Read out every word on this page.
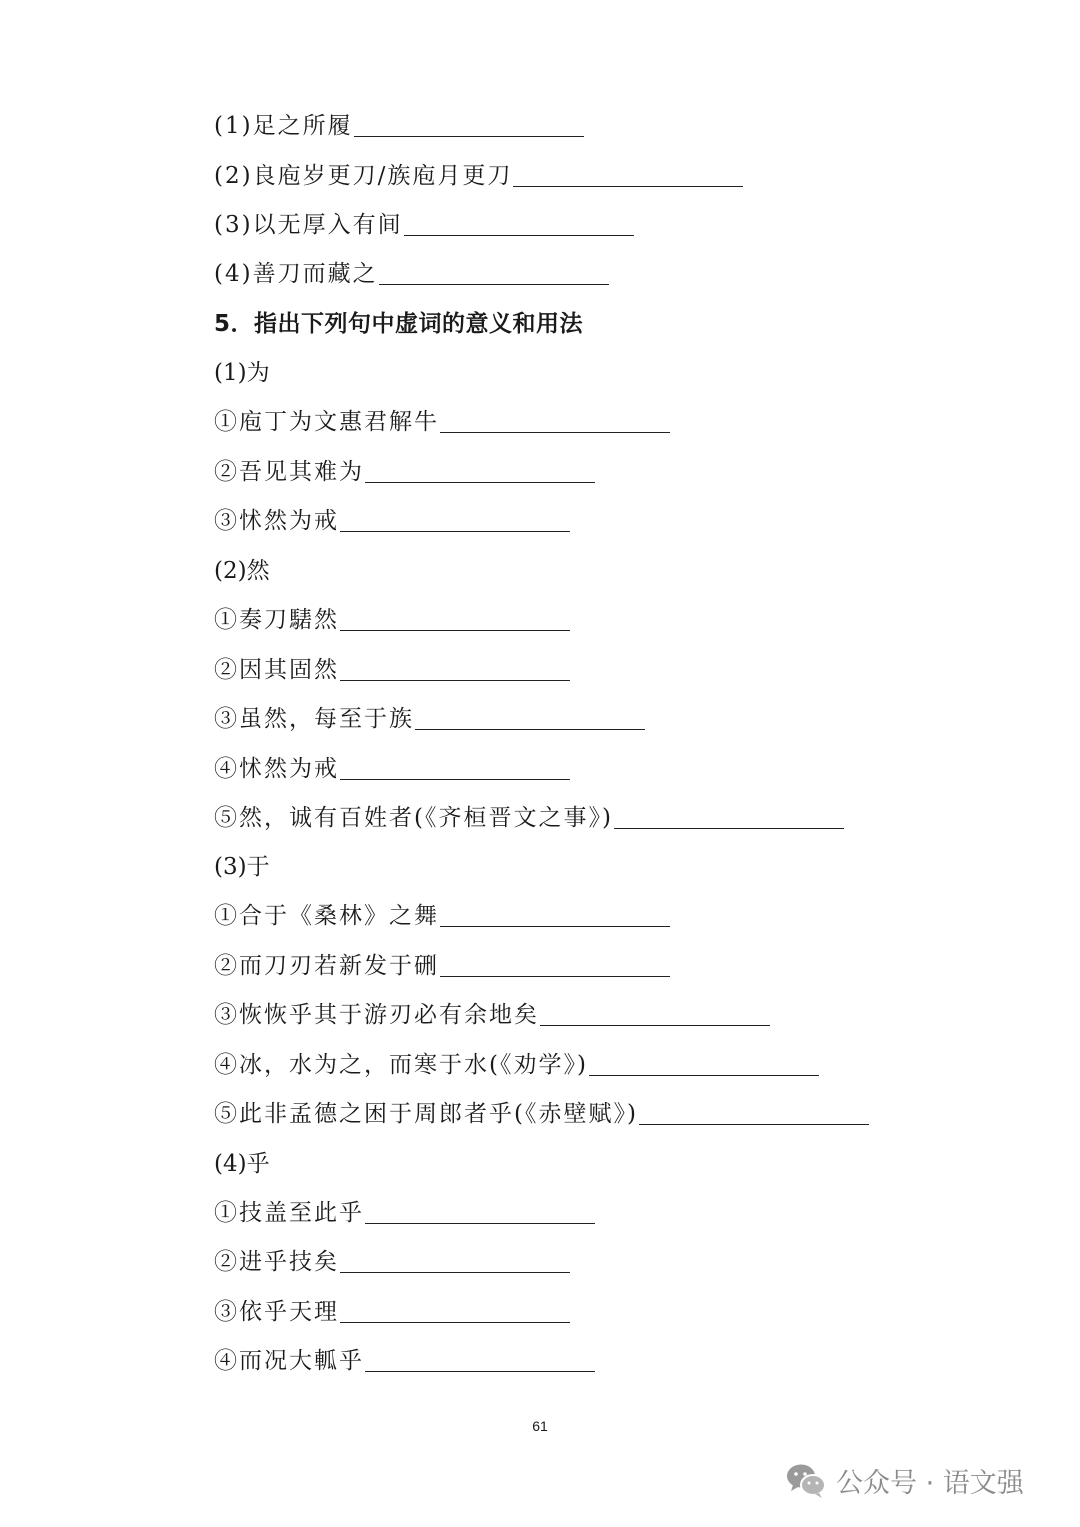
(1)足之所履
(2)良庖岁更刀/族庖月更刀
(3)以无厚入有间
(4)善刀而藏之
5．指出下列句中虚词的意义和用法
(1)为
①庖丁为文惠君解牛
②吾见其难为
③怵然为戒
(2)然
①奏刀騞然
②因其固然
③虽然，每至于族
④怵然为戒
⑤然，诚有百姓者(《齐桓晋文之事》)
(3)于
①合于《桑林》之舞
②而刀刃若新发于硎
③恢恢乎其于游刃必有余地矣
④冰，水为之，而寒于水(《劝学》)
⑤此非孟德之困于周郎者乎(《赤壁赋》)
(4)乎
①技盖至此乎
②进乎技矣
③依乎天理
④而况大軱乎
61
公众号 · 语文强
